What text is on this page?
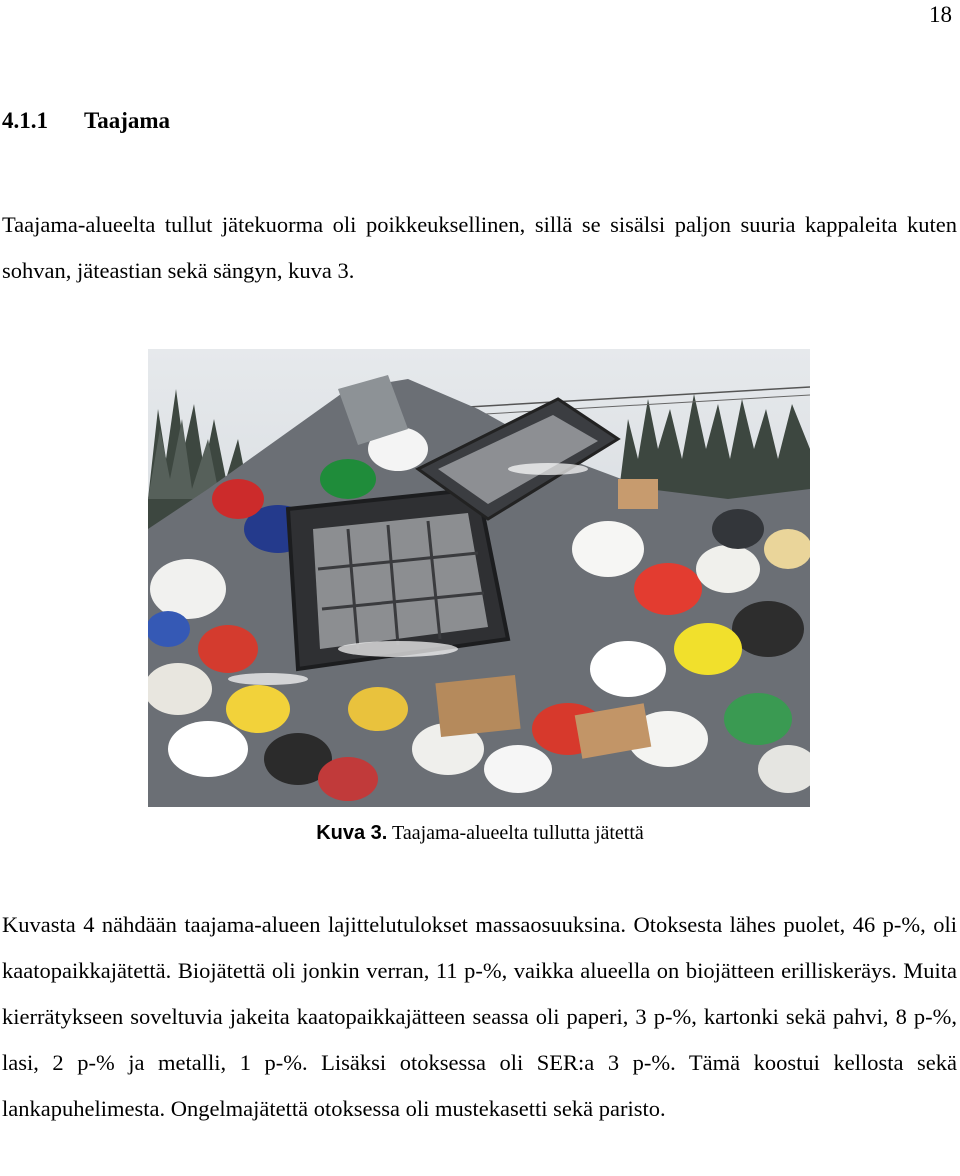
18
4.1.1 Taajama

Taajama-alueelta tullut jätekuorma oli poikkeuksellinen, sillä se sisälsi paljon suuria kappaleita kuten sohvan, jäteastian sekä sängyn, kuva 3.

Kuva 3. Taajama-alueelta tullutta jätettä

Kuvasta 4 nähdään taajama-alueen lajittelutulokset massaosuuksina. Otoksesta lähes puolet, 46 p-%, oli kaatopaikkajätettä. Biojätettä oli jonkin verran, 11 p-%, vaikka alueella on biojätteen erilliskeräys. Muita kierrätykseen soveltuvia jakeita kaatopaikkajätteen seassa oli paperi, 3 p-%, kartonki sekä pahvi, 8 p-%, lasi, 2 p-% ja metalli, 1 p-%. Lisäksi otoksessa oli SER:a 3 p-%. Tämä koostui kellosta sekä lankapuhelimesta. Ongelmajätettä otoksessa oli mustekasetti sekä paristo.
